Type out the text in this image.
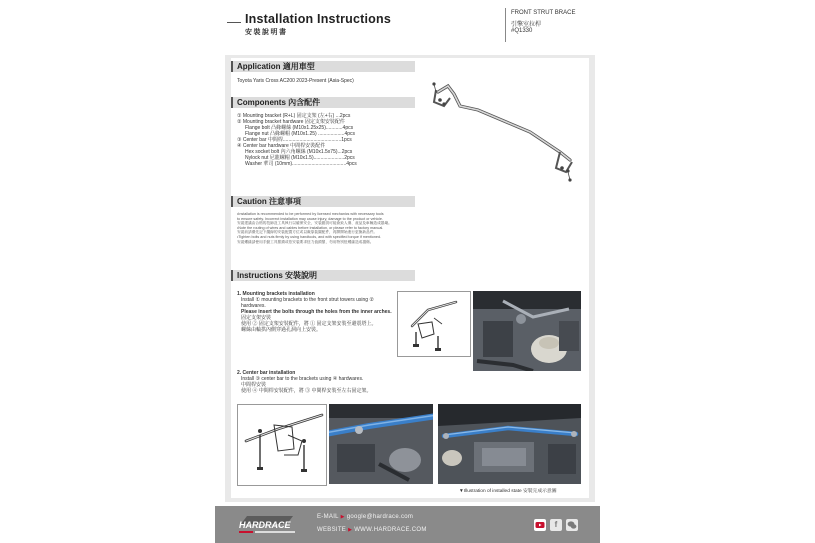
Installation Instructions
安裝說明書
FRONT STRUT BRACE
引擎室拉桿
#Q1330
Application 適用車型
Toyota Yaris Cross AC200 2023-Present (Asia-Spec)
Components 內含配件
① Mounting bracket (R+L) 固定支架 (左+右) ...2pcs
② Mounting bracket hardware 固定支架安裝配件
Flange bolt 凸緣螺絲 (M10x1.25x25)............4pcs
Flange nut 凸緣螺帽 (M10x1.25) ...................4pcs
③ Center bar 中間桿..........................................1pcs
④ Center bar hardware 中間桿安裝配件
Hex socket bolt 內六角螺絲 (M10x1.5x75)...2pcs
Nylock nut 尼龍螺帽 (M10x1.5)......................2pcs
Washer 華司 (10mm).......................................4pcs
Caution 注意事項
•Installation is recommended to be performed by licensed mechanics with necessary tools
to ensure safety. Incorrect installation may cause injury, damage to the product or vehicle.
安裝建議由合格的技師及工具執行以確保安全，安裝錯誤可能會致人傷、產品及車輛造成損壞。
•Note the routing of wires and cables before installation, or please refer to factory manual.
安裝前請優先記下纜線的安裝配置方位或以廠原裝圖配件，再開開始進行更換新品件。
•Tighten bolts and nuts firmly by using handtools, and with specified torque if mentioned.
安裝螺絲請使用手動工具緊鎖或依安裝要求扭力值鎖緊，勿用特別扭螺絲造成損傷。
Instructions 安裝說明
1. Mounting brackets installation
Install ① mounting brackets to the front strut towers using ②
hardwares.
Please insert the bolts through the holes from the inner arches.
固定支架安裝
使用 ② 固定支架安裝配件，將 ① 固定支架安裝至避震塔上。
螺絲由輪拱內側穿過孔洞向上安裝。
2. Center bar installation
Install ③ center bar to the brackets using ④ hardwares.
中間桿安裝
使用 ④ 中間桿安裝配件，將 ③ 中間桿安裝至左右固定架。
▼Illustration of installed state 安裝完成示意圖
HARDRACE
E-MAIL ▶ google@hardrace.com
WEBSITE ▶ WWW.HARDRACE.COM
f
